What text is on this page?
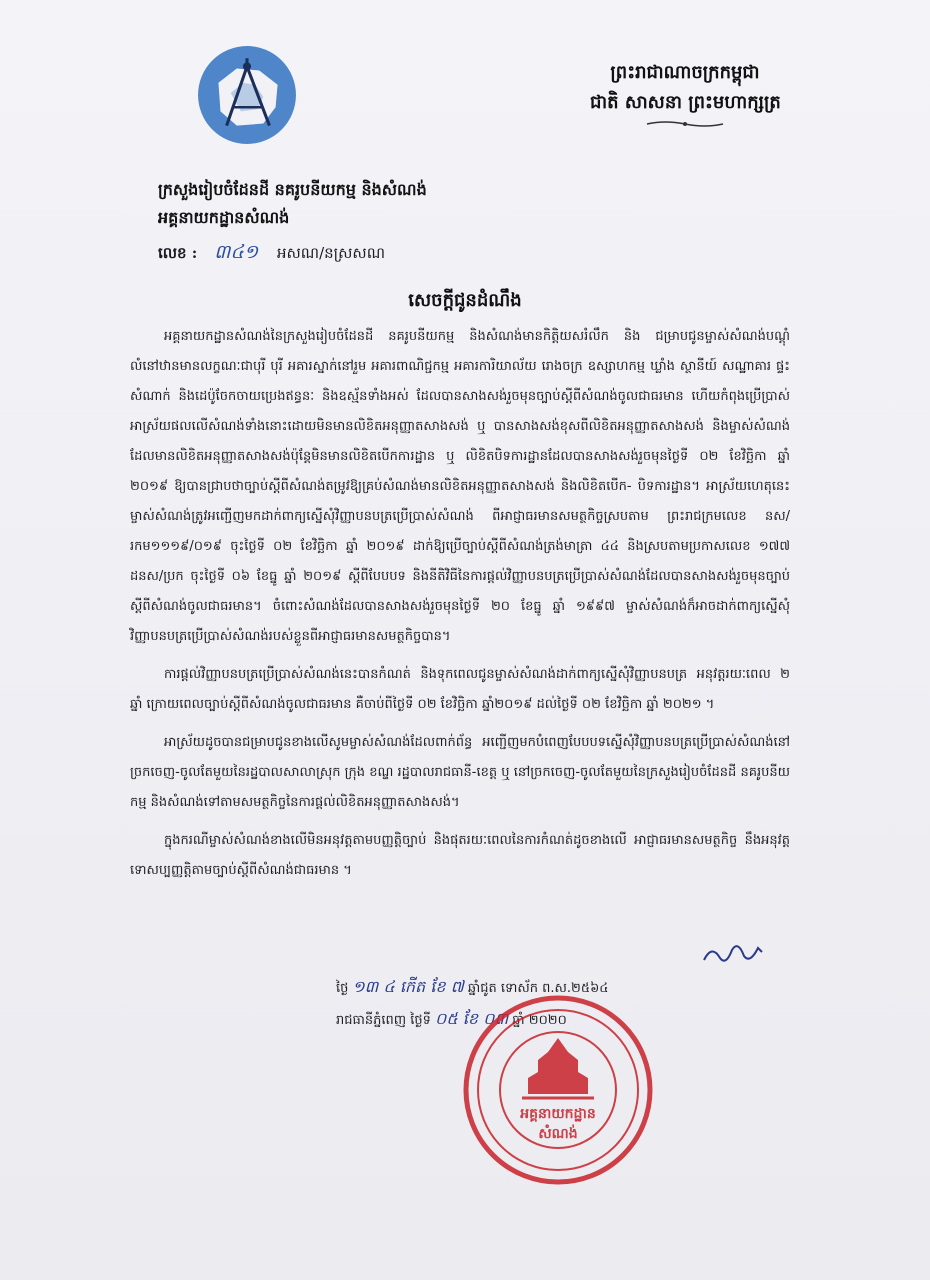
ព្រះរាជាណាចក្រកម្ពុជា
ជាតិ សាសនា ព្រះមហាក្សត្រ
ក្រសួងរៀបចំដែនដី នគរូបនីយកម្ម និងសំណង់
អគ្គនាយកដ្ឋានសំណង់
លេខ : ៣៤១ អសណ/នស្រសណ
សេចក្ដីជូនដំណឹង

អគ្គនាយកដ្ឋានសំណង់នៃក្រសួងរៀបចំដែនដី នគរូបនីយកម្ម និងសំណង់មានកិត្តិយសរំលឹក និង ជម្រាបជូនម្ចាស់សំណង់បណ្ដុំលំនៅឋានមានលក្ខណៈជាបុរី បុរី អគារស្នាក់នៅរួម អគារពាណិជ្ជកម្ម អគារការិយាល័យ រោងចក្រ ឧស្សាហកម្ម ឃ្លាំង ស្ថានីយ៍ សណ្ឋាគារ ផ្ទះសំណាក់ និងដេប៉ូចែកចាយប្រេងឥន្ធនៈ និងឧស្ម័នទាំងអស់ ដែលបានសាងសង់រួចមុនច្បាប់ស្ដីពីសំណង់ចូលជាធរមាន ហើយកំពុងប្រើប្រាស់អាស្រ័យផលលើសំណង់ទាំងនោះដោយមិនមានលិខិតអនុញ្ញាតសាងសង់ ឬ បានសាងសង់ខុសពីលិខិតអនុញ្ញាតសាងសង់ និងម្ចាស់សំណង់ដែលមានលិខិតអនុញ្ញាតសាងសង់ប៉ុន្តែមិនមានលិខិតបើកការដ្ឋាន ឬ លិខិតបិទការដ្ឋានដែលបានសាងសង់រួចមុនថ្ងៃទី ០២ ខែវិច្ឆិកា ឆ្នាំ ២០១៩ ឱ្យបានជ្រាបថាច្បាប់ស្ដីពីសំណង់តម្រូវឱ្យគ្រប់សំណង់មានលិខិតអនុញ្ញាតសាងសង់ និងលិខិតបើក- បិទការដ្ឋាន។ អាស្រ័យហេតុនេះម្ចាស់សំណង់ត្រូវអញ្ជើញមកដាក់ពាក្យស្នើសុំវិញ្ញាបនបត្រប្រើប្រាស់សំណង់ ពីអាជ្ញាធរមានសមត្ថកិច្ចស្របតាម ព្រះរាជក្រមលេខ នស/រកម១១១៩/០១៩ ចុះថ្ងៃទី ០២ ខែវិច្ឆិកា ឆ្នាំ ២០១៩ ដាក់ឱ្យប្រើច្បាប់ស្ដីពីសំណង់ត្រង់មាត្រា ៤៤ និងស្របតាមប្រកាសលេខ ១៧៧ ដនស/ប្រក ចុះថ្ងៃទី ០៦ ខែធ្នូ ឆ្នាំ ២០១៩ ស្ដីពីបែបបទ និងនីតិវិធីនៃការផ្ដល់វិញ្ញាបនបត្រប្រើប្រាស់សំណង់ដែលបានសាងសង់រួចមុនច្បាប់ស្ដីពីសំណង់ចូលជាធរមាន។ ចំពោះសំណង់ដែលបានសាងសង់រួចមុនថ្ងៃទី ២០ ខែធ្នូ ឆ្នាំ ១៩៩៧ ម្ចាស់សំណង់ក៏អាចដាក់ពាក្យស្នើសុំវិញ្ញាបនបត្រប្រើប្រាស់សំណង់របស់ខ្លួនពីអាជ្ញាធរមានសមត្ថកិច្ចបាន។

ការផ្ដល់វិញ្ញាបនបត្រប្រើប្រាស់សំណង់នេះបានកំណត់ និងទុកពេលជូនម្ចាស់សំណង់ដាក់ពាក្យស្នើសុំវិញ្ញាបនបត្រ អនុវត្តរយៈពេល ២ ឆ្នាំ ក្រោយពេលច្បាប់ស្ដីពីសំណង់ចូលជាធរមាន គឺចាប់ពីថ្ងៃទី ០២ ខែវិច្ឆិកា ឆ្នាំ២០១៩ ដល់ថ្ងៃទី ០២ ខែវិច្ឆិកា ឆ្នាំ ២០២១ ។

អាស្រ័យដូចបានជម្រាបជូនខាងលើសូមម្ចាស់សំណង់ដែលពាក់ព័ន្ធ អញ្ជើញមកបំពេញបែបបទស្នើសុំវិញ្ញាបនបត្រប្រើប្រាស់សំណង់នៅច្រកចេញ-ចូលតែមួយនៃរដ្ឋបាលសាលាស្រុក ក្រុង ខណ្ឌ រដ្ឋបាលរាជធានី-ខេត្ត ឬ នៅច្រកចេញ-ចូលតែមួយនៃក្រសួងរៀបចំដែនដី នគរូបនីយកម្ម និងសំណង់ទៅតាមសមត្ថកិច្ចនៃការផ្ដល់លិខិតអនុញ្ញាតសាងសង់។

ក្នុងករណីម្ចាស់សំណង់ខាងលើមិនអនុវត្តតាមបញ្ញត្តិច្បាប់ និងផុតរយៈពេលនៃការកំណត់ដូចខាងលើ អាជ្ញាធរមានសមត្ថកិច្ច នឹងអនុវត្តទោសប្បញ្ញត្តិតាមច្បាប់ស្ដីពីសំណង់ជាធរមាន ។

ថ្ងៃ ១៣ ៤ កើត ខែ ៧ ឆ្នាំជូត ទោស័ក ព.ស.២៥៦៤
រាជធានីភ្នំពេញ ថ្ងៃទី ០៥ ខែ ០៣ ឆ្នាំ ២០២០
អគ្គនាយកដ្ឋាន
សំណង់
